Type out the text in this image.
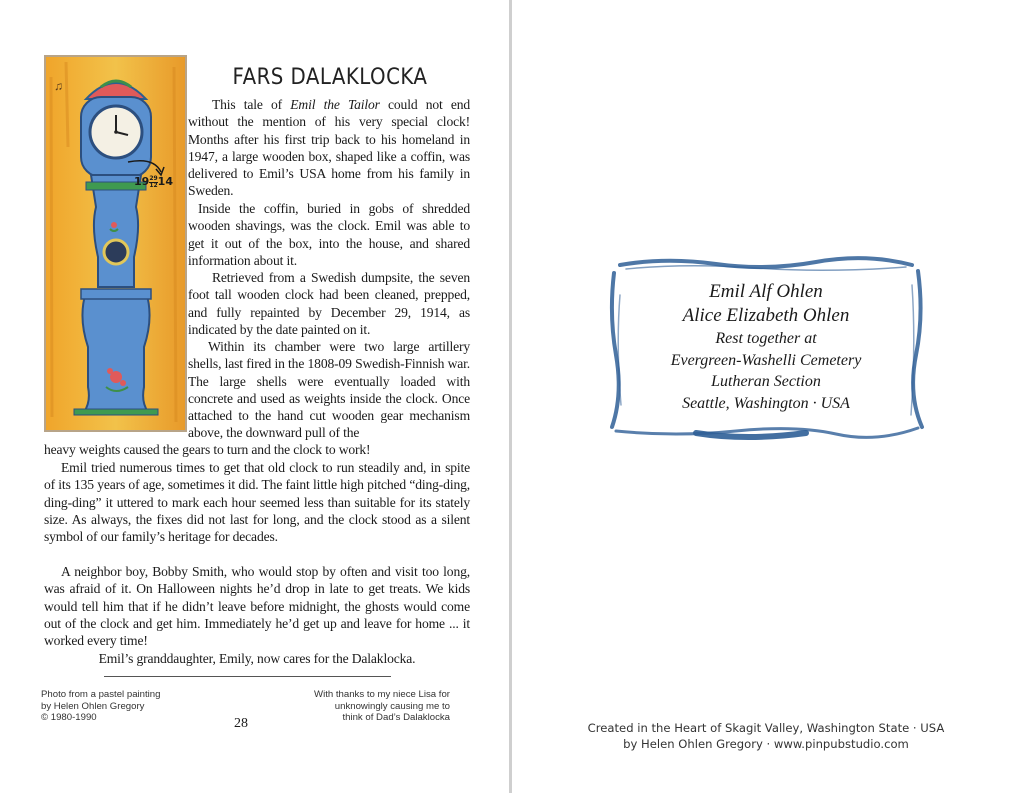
♫
$19 \frac{29}{12} 14$
FARS DALAKLOCKA

This tale of Emil the Tailor could not end without the mention of his very special clock! Months after his first trip back to his homeland in 1947, a large wooden box, shaped like a coffin, was delivered to Emil’s USA home from his family in Sweden.

Inside the coffin, buried in gobs of shredded wooden shavings, was the clock. Emil was able to get it out of the box, into the house, and shared information about it.

Retrieved from a Swedish dumpsite, the seven foot tall wooden clock had been cleaned, prepped, and fully repainted by December 29, 1914, as indicated by the date painted on it.

Within its chamber were two large artillery shells, last fired in the 1808-09 Swedish-Finnish war. The large shells were eventually loaded with concrete and used as weights inside the clock. Once attached to the hand cut wooden gear mechanism above, the downward pull of the

heavy weights caused the gears to turn and the clock to work!

Emil tried numerous times to get that old clock to run steadily and, in spite of its 135 years of age, sometimes it did. The faint little high pitched “ding-ding, ding-ding” it uttered to mark each hour seemed less than suitable for its stately size. As always, the fixes did not last for long, and the clock stood as a silent symbol of our family’s heritage for decades.

A neighbor boy, Bobby Smith, who would stop by often and visit too long, was afraid of it. On Halloween nights he’d drop in late to get treats. We kids would tell him that if he didn’t leave before midnight, the ghosts would come out of the clock and get him. Immediately he’d get up and leave for home ... it worked every time!

Emil’s granddaughter, Emily, now cares for the Dalaklocka.

Photo from a pastel painting
by Helen Ohlen Gregory
© 1980-1990

With thanks to my niece Lisa for
unknowingly causing me to
think of Dad’s Dalaklocka

28
Emil Alf Ohlen
Alice Elizabeth Ohlen
Rest together at
Evergreen-Washelli Cemetery
Lutheran Section
Seattle, Washington · USA
Created in the Heart of Skagit Valley, Washington State · USA
by Helen Ohlen Gregory · www.pinpubstudio.com
